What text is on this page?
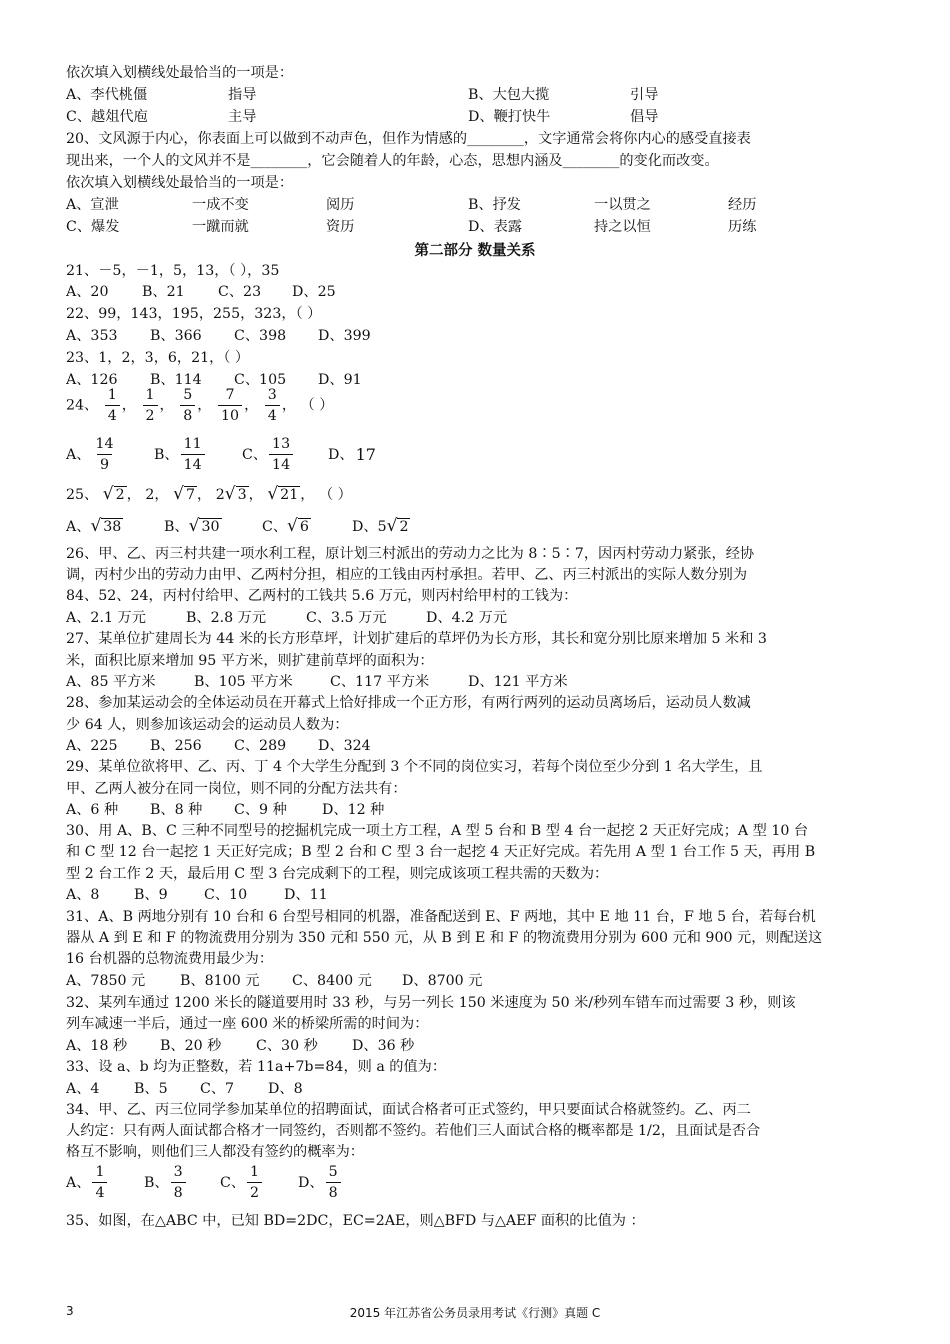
依次填入划横线处最恰当的一项是：
A、李代桃僵	指导	B、大包大揽	引导
C、越俎代庖	主导	D、鞭打快牛	倡导
20、文风源于内心，你表面上可以做到不动声色，但作为情感的________，文字通常会将你内心的感受直接表
现出来，一个人的文风并不是________，它会随着人的年龄，心态，思想内涵及________的变化而改变。
依次填入划横线处最恰当的一项是：
A、宣泄	一成不变	阅历	B、抒发	一以贯之	经历
C、爆发	一蹴而就	资历	D、表露	持之以恒	历练
第二部分 数量关系
21、－5，－1，5，13，（ ），35
A、20 B、21 C、23 D、25
22、99，143，195，255，323，（ ）
A、353 B、366 C、398 D、399
23、1，2，3，6，21，（ ）
A、126 B、114 C、105 D、91
24、 $\frac{1}{4}$ ， $\frac{1}{2}$ ， $\frac{5}{8}$ ， $\frac{7}{10}$ ， $\frac{3}{4}$ ， （ ）
A、 $\frac{14}{9}$	B、 $\frac{11}{14}$	C、 $\frac{13}{14}$ D、 17
25、 √ 2 ， 2， √ 7 ， 2√ 3 ， √ 21 ， （ ）
A、√ 38	B、√ 30	C、√ 6	D、5√ 2
26、甲、乙、丙三村共建一项水利工程，原计划三村派出的劳动力之比为 8∶5∶7，因丙村劳动力紧张，经协
调，丙村少出的劳动力由甲、乙两村分担，相应的工钱由丙村承担。若甲、乙、丙三村派出的实际人数分别为
84、52、24，丙村付给甲、乙两村的工钱共 5.6 万元，则丙村给甲村的工钱为：
A、2.1 万元	B、2.8 万元	C、3.5 万元	D、4.2 万元
27、某单位扩建周长为 44 米的长方形草坪，计划扩建后的草坪仍为长方形，其长和宽分别比原来增加 5 米和 3
米，面积比原来增加 95 平方米，则扩建前草坪的面积为：
A、85 平方米	B、105 平方米	C、117 平方米	D、121 平方米
28、参加某运动会的全体运动员在开幕式上恰好排成一个正方形，有两行两列的运动员离场后，运动员人数减
少 64 人，则参加该运动会的运动员人数为：
A、225 B、256 C、289 D、324
29、某单位欲将甲、乙、丙、丁 4 个大学生分配到 3 个不同的岗位实习，若每个岗位至少分到 1 名大学生，且
甲、乙两人被分在同一岗位，则不同的分配方法共有：
A、6 种 B、8 种 C、9 种 D、12 种
30、用 A、B、C 三种不同型号的挖掘机完成一项土方工程，A 型 5 台和 B 型 4 台一起挖 2 天正好完成；A 型 10 台
和 C 型 12 台一起挖 1 天正好完成；B 型 2 台和 C 型 3 台一起挖 4 天正好完成。若先用 A 型 1 台工作 5 天，再用 B
型 2 台工作 2 天，最后用 C 型 3 台完成剩下的工程，则完成该项工程共需的天数为：
A、8 B、9	C、10	D、11
31、A、B 两地分别有 10 台和 6 台型号相同的机器，准备配送到 E、F 两地，其中 E 地 11 台，F 地 5 台，若每台机
器从 A 到 E 和 F 的物流费用分别为 350 元和 550 元，从 B 到 E 和 F 的物流费用分别为 600 元和 900 元，则配送这
16 台机器的总物流费用最少为：
A、7850 元 B、8100 元 C、8400 元 D、8700 元
32、某列车通过 1200 米长的隧道要用时 33 秒，与另一列长 150 米速度为 50 米/秒列车错车而过需要 3 秒，则该
列车减速一半后，通过一座 600 米的桥梁所需的时间为：
A、18 秒 B、20 秒 C、30 秒 D、36 秒
33、设 a、b 均为正整数，若 11a+7b=84，则 a 的值为：
A、4 B、5 C、7 D、8
34、甲、乙、丙三位同学参加某单位的招聘面试，面试合格者可正式签约，甲只要面试合格就签约。乙、丙二
人约定：只有两人面试都合格才一同签约，否则都不签约。若他们三人面试合格的概率都是 1/2，且面试是否合
格互不影响，则他们三人都没有签约的概率为：
A、 $\frac{1}{4}$	B、 $\frac{3}{8}$ C、 $\frac{1}{2}$	D、 $\frac{5}{8}$
35、如图，在△ABC 中，已知 BD=2DC，EC=2AE，则△BFD 与△AEF 面积的比值为 ：
3	2015 年江苏省公务员录用考试《行测》真题 C
